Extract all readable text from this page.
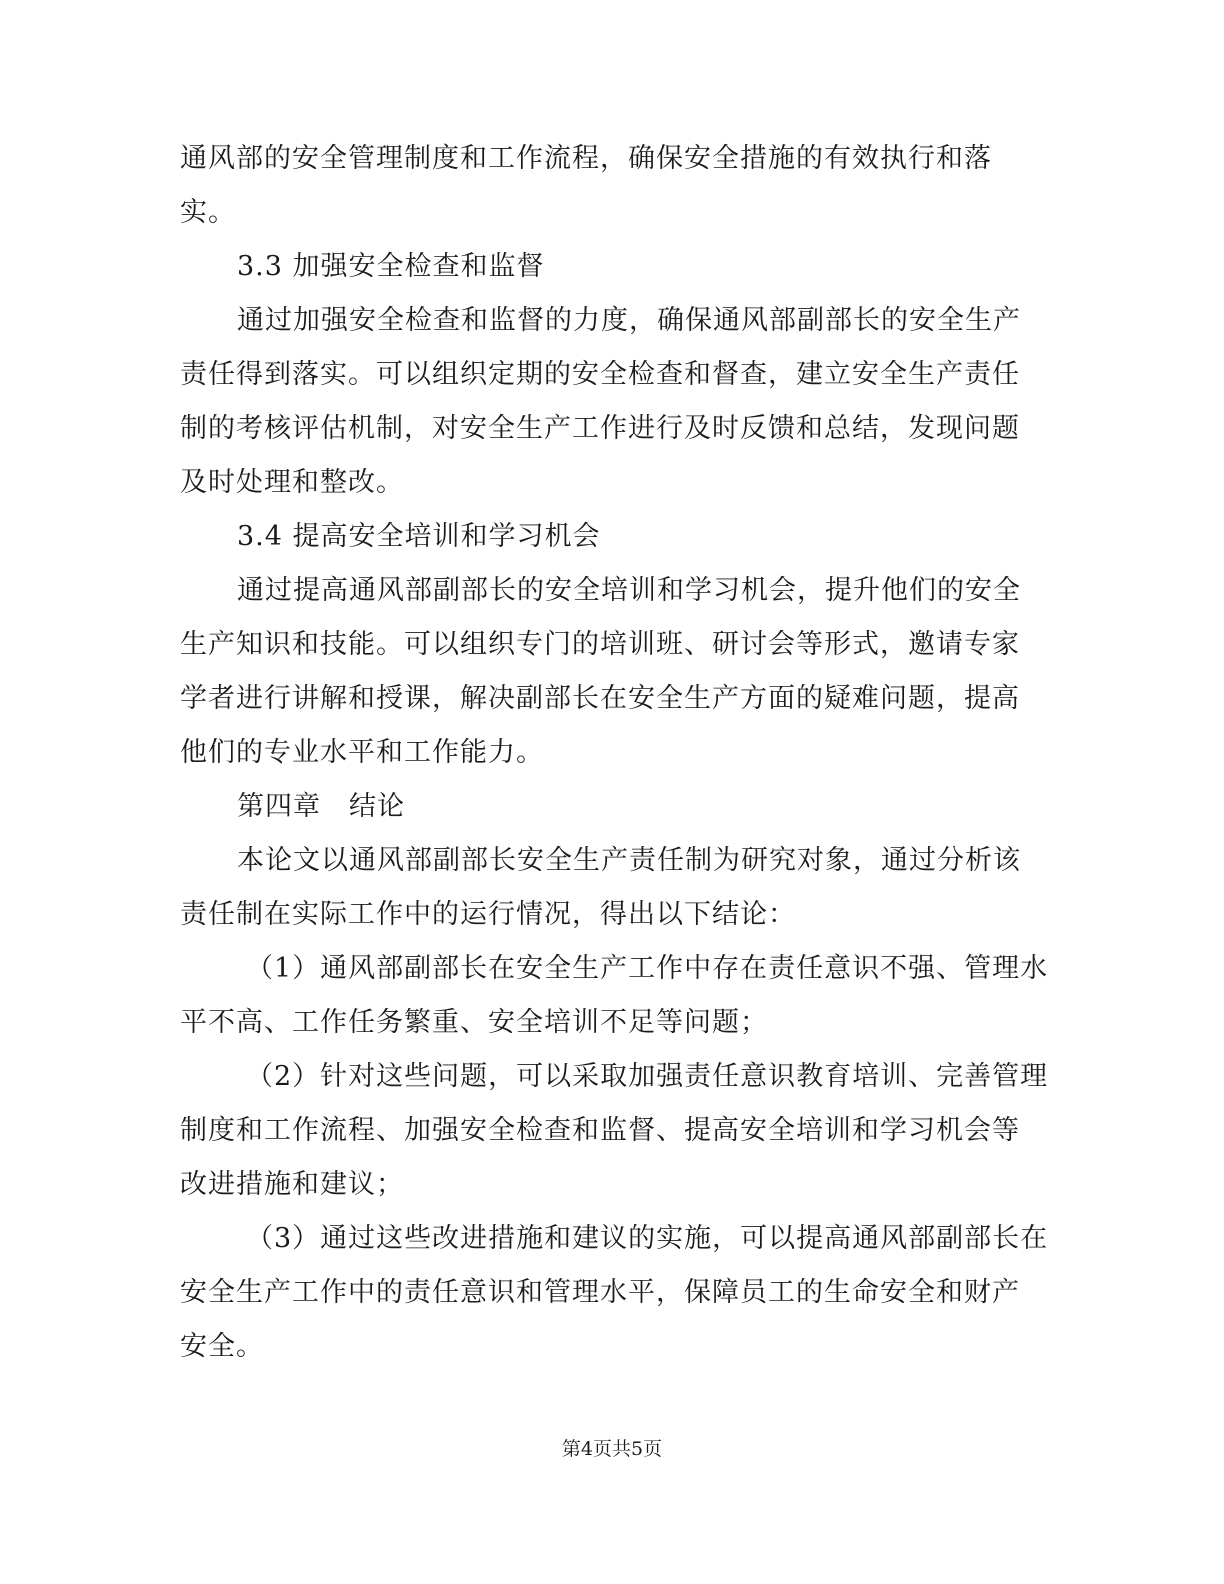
通风部的安全管理制度和工作流程，确保安全措施的有效执行和落
实。
3.3 加强安全检查和监督
通过加强安全检查和监督的力度，确保通风部副部长的安全生产
责任得到落实。可以组织定期的安全检查和督查，建立安全生产责任
制的考核评估机制，对安全生产工作进行及时反馈和总结，发现问题
及时处理和整改。
3.4 提高安全培训和学习机会
通过提高通风部副部长的安全培训和学习机会，提升他们的安全
生产知识和技能。可以组织专门的培训班、研讨会等形式，邀请专家
学者进行讲解和授课，解决副部长在安全生产方面的疑难问题，提高
他们的专业水平和工作能力。
第四章　结论
本论文以通风部副部长安全生产责任制为研究对象，通过分析该
责任制在实际工作中的运行情况，得出以下结论：
（1）通风部副部长在安全生产工作中存在责任意识不强、管理水
平不高、工作任务繁重、安全培训不足等问题；
（2）针对这些问题，可以采取加强责任意识教育培训、完善管理
制度和工作流程、加强安全检查和监督、提高安全培训和学习机会等
改进措施和建议；
（3）通过这些改进措施和建议的实施，可以提高通风部副部长在
安全生产工作中的责任意识和管理水平，保障员工的生命安全和财产
安全。
第4页共5页
